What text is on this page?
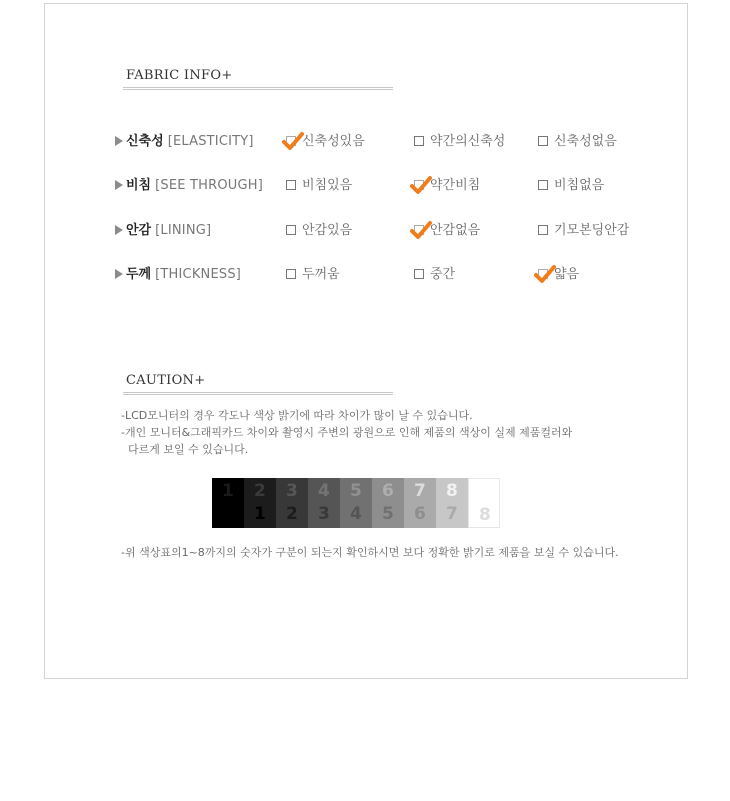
FABRIC INFO+
신축성 [ELASTICITY]	신축성있음	약간의신축성	신축성없음
비침 [SEE THROUGH]	비침있음	약간비침	비침없음
안감 [LINING]	안감있음	안감없음	기모본딩안감
두께 [THICKNESS]	두꺼움	중간	얇음
CAUTION+
-LCD모니터의 경우 각도나 색상 밝기에 따라 차이가 많이 날 수 있습니다.
-개인 모니터&그래픽카드 차이와 촬영시 주변의 광원으로 인해 제품의 색상이 실제 제품컬러와
다르게 보일 수 있습니다.
1 2
1
3
2
4
3
5
4
6
5
7
6
8
7 8
-위 색상표의1~8까지의 숫자가 구분이 되는지 확인하시면 보다 정확한 밝기로 제품을 보실 수 있습니다.
